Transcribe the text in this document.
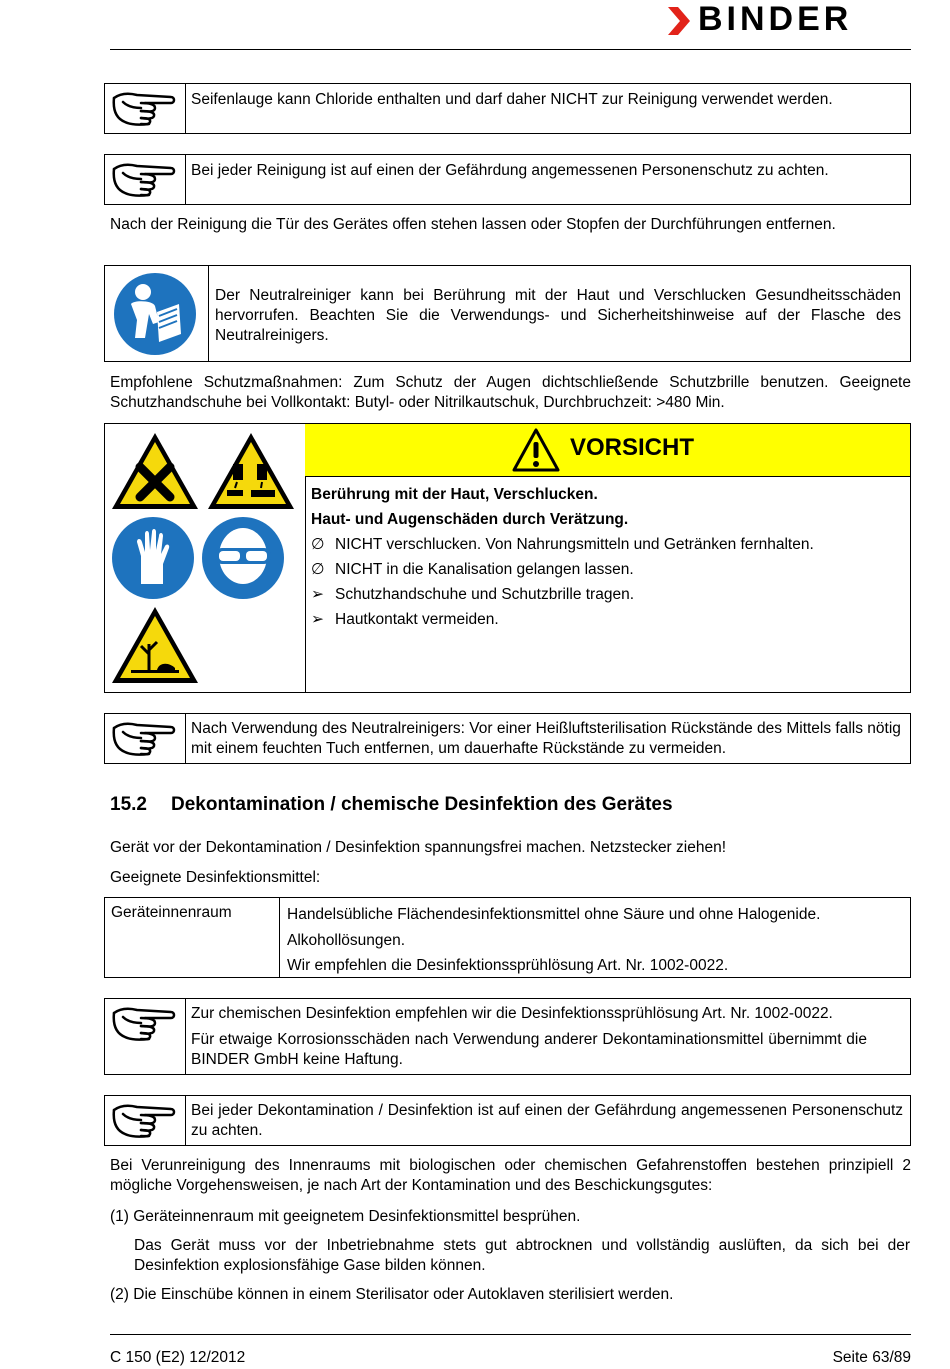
BINDER
Seifenlauge kann Chloride enthalten und darf daher NICHT zur Reinigung verwendet werden.
Bei jeder Reinigung ist auf einen der Gefährdung angemessenen Personenschutz zu achten.
Nach der Reinigung die Tür des Gerätes offen stehen lassen oder Stopfen der Durchführungen entfernen.
Der Neutralreiniger kann bei Berührung mit der Haut und Verschlucken Gesundheitsschäden hervorrufen. Beachten Sie die Verwendungs- und Sicherheitshinweise auf der Flasche des Neutralreinigers.
Empfohlene Schutzmaßnahmen: Zum Schutz der Augen dichtschließende Schutzbrille benutzen. Geeignete Schutzhandschuhe bei Vollkontakt: Butyl- oder Nitrilkautschuk, Durchbruchzeit: >480 Min.
VORSICHT
Berührung mit der Haut, Verschlucken.
Haut- und Augenschäden durch Verätzung.
∅ NICHT verschlucken. Von Nahrungsmitteln und Getränken fernhalten.
∅ NICHT in die Kanalisation gelangen lassen.
➢ Schutzhandschuhe und Schutzbrille tragen.
➢ Hautkontakt vermeiden.
Nach Verwendung des Neutralreinigers: Vor einer Heißluftsterilisation Rückstände des Mittels falls nötig mit einem feuchten Tuch entfernen, um dauerhafte Rückstände zu vermeiden.
15.2 Dekontamination / chemische Desinfektion des Gerätes
Gerät vor der Dekontamination / Desinfektion spannungsfrei machen. Netzstecker ziehen!
Geeignete Desinfektionsmittel:
Geräteinnenraum	Handelsübliche Flächendesinfektionsmittel ohne Säure und ohne Halogenide.
Alkohollösungen.
Wir empfehlen die Desinfektionssprühlösung Art. Nr. 1002-0022.
Zur chemischen Desinfektion empfehlen wir die Desinfektionssprühlösung Art. Nr. 1002-0022.
Für etwaige Korrosionsschäden nach Verwendung anderer Dekontaminationsmittel übernimmt die BINDER GmbH keine Haftung.
Bei jeder Dekontamination / Desinfektion ist auf einen der Gefährdung angemessenen Personenschutz zu achten.
Bei Verunreinigung des Innenraums mit biologischen oder chemischen Gefahrenstoffen bestehen prinzipiell 2 mögliche Vorgehensweisen, je nach Art der Kontamination und des Beschickungsgutes:
(1) Geräteinnenraum mit geeignetem Desinfektionsmittel besprühen.
Das Gerät muss vor der Inbetriebnahme stets gut abtrocknen und vollständig auslüften, da sich bei der Desinfektion explosionsfähige Gase bilden können.
(2) Die Einschübe können in einem Sterilisator oder Autoklaven sterilisiert werden.
C 150 (E2) 12/2012	Seite 63/89
